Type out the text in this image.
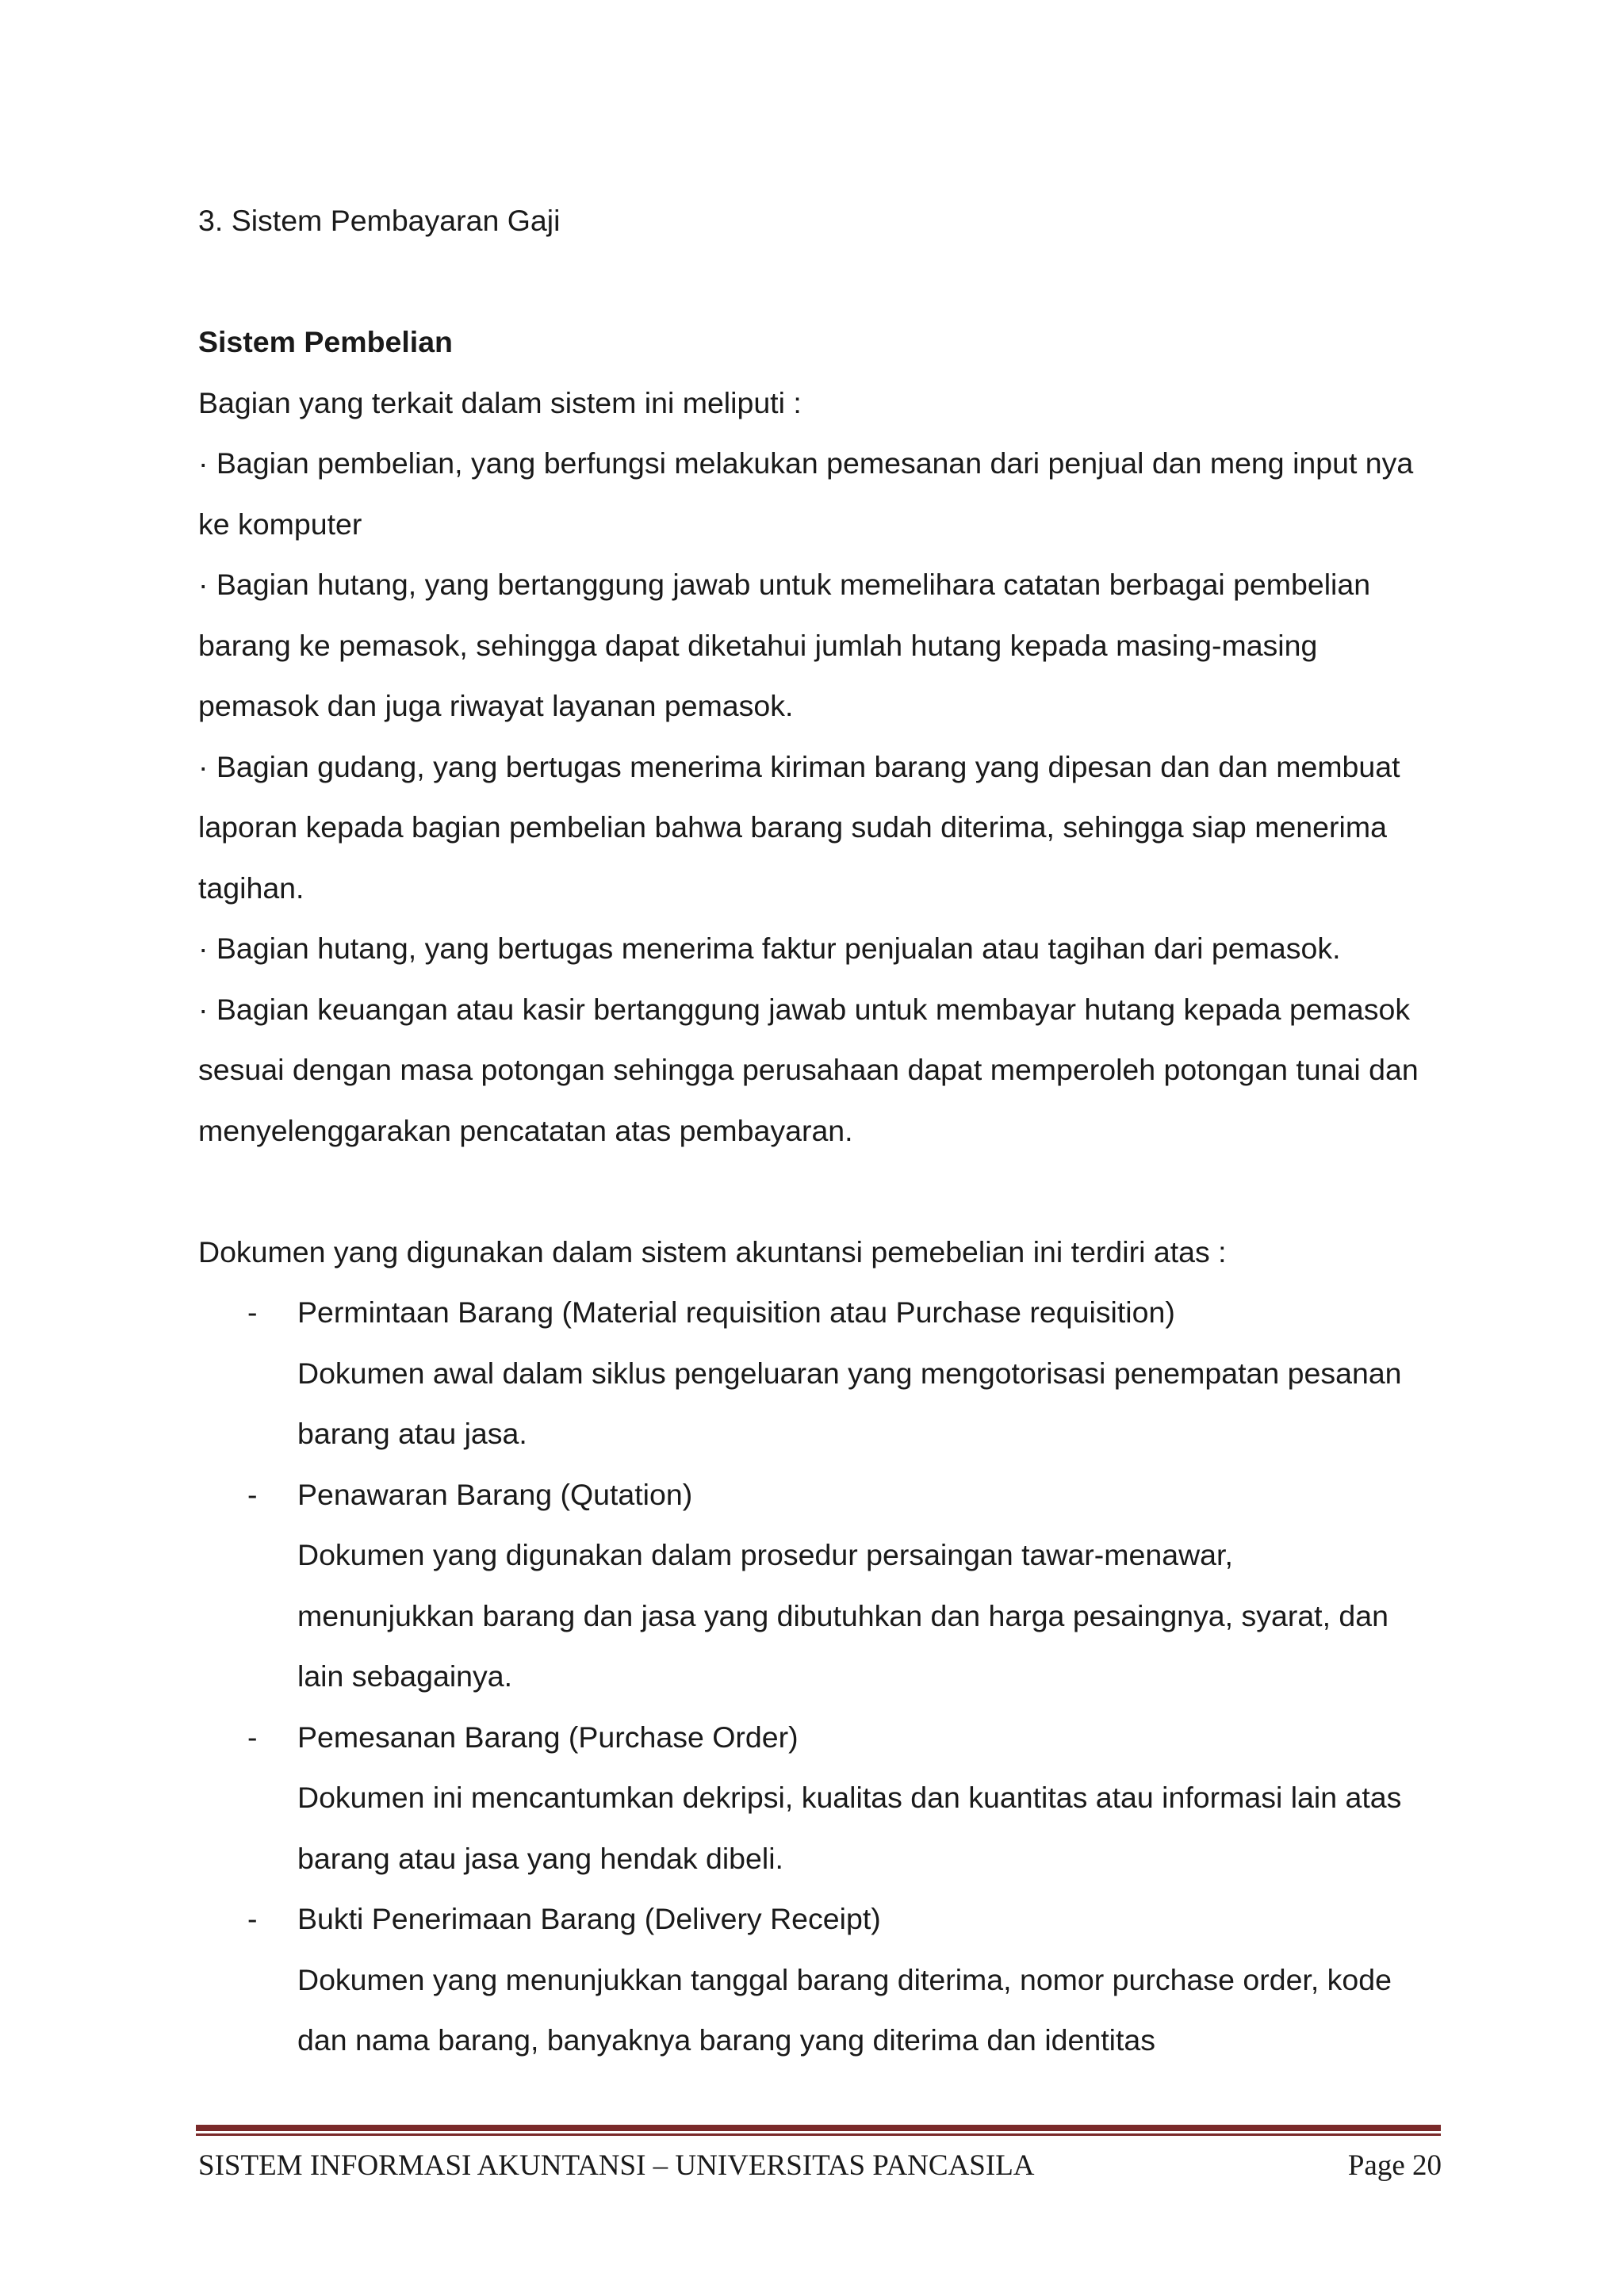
3. Sistem Pembayaran Gaji
Sistem Pembelian
Bagian yang terkait dalam sistem ini meliputi :
· Bagian pembelian, yang berfungsi melakukan pemesanan dari penjual dan meng input nya
ke komputer
· Bagian hutang, yang bertanggung jawab untuk memelihara catatan berbagai pembelian
barang ke pemasok, sehingga dapat diketahui jumlah hutang kepada masing-masing
pemasok dan juga riwayat layanan pemasok.
· Bagian gudang, yang bertugas menerima kiriman barang yang dipesan dan dan membuat
laporan kepada bagian pembelian bahwa barang sudah diterima, sehingga siap menerima
tagihan.
· Bagian hutang, yang bertugas menerima faktur penjualan atau tagihan dari pemasok.
· Bagian keuangan atau kasir bertanggung jawab untuk membayar hutang kepada pemasok
sesuai dengan masa potongan sehingga perusahaan dapat memperoleh potongan tunai dan
menyelenggarakan pencatatan atas pembayaran.
Dokumen yang digunakan dalam sistem akuntansi pemebelian ini terdiri atas :
- Permintaan Barang (Material requisition atau Purchase requisition)
Dokumen awal dalam siklus pengeluaran yang mengotorisasi penempatan pesanan
barang atau jasa.
- Penawaran Barang (Qutation)
Dokumen yang digunakan dalam prosedur persaingan tawar-menawar,
menunjukkan barang dan jasa yang dibutuhkan dan harga pesaingnya, syarat, dan
lain sebagainya.
- Pemesanan Barang (Purchase Order)
Dokumen ini mencantumkan dekripsi, kualitas dan kuantitas atau informasi lain atas
barang atau jasa yang hendak dibeli.
- Bukti Penerimaan Barang (Delivery Receipt)
Dokumen yang menunjukkan tanggal barang diterima, nomor purchase order, kode
dan nama barang, banyaknya barang yang diterima dan identitas
SISTEM INFORMASI AKUNTANSI – UNIVERSITAS PANCASILA	Page 20
